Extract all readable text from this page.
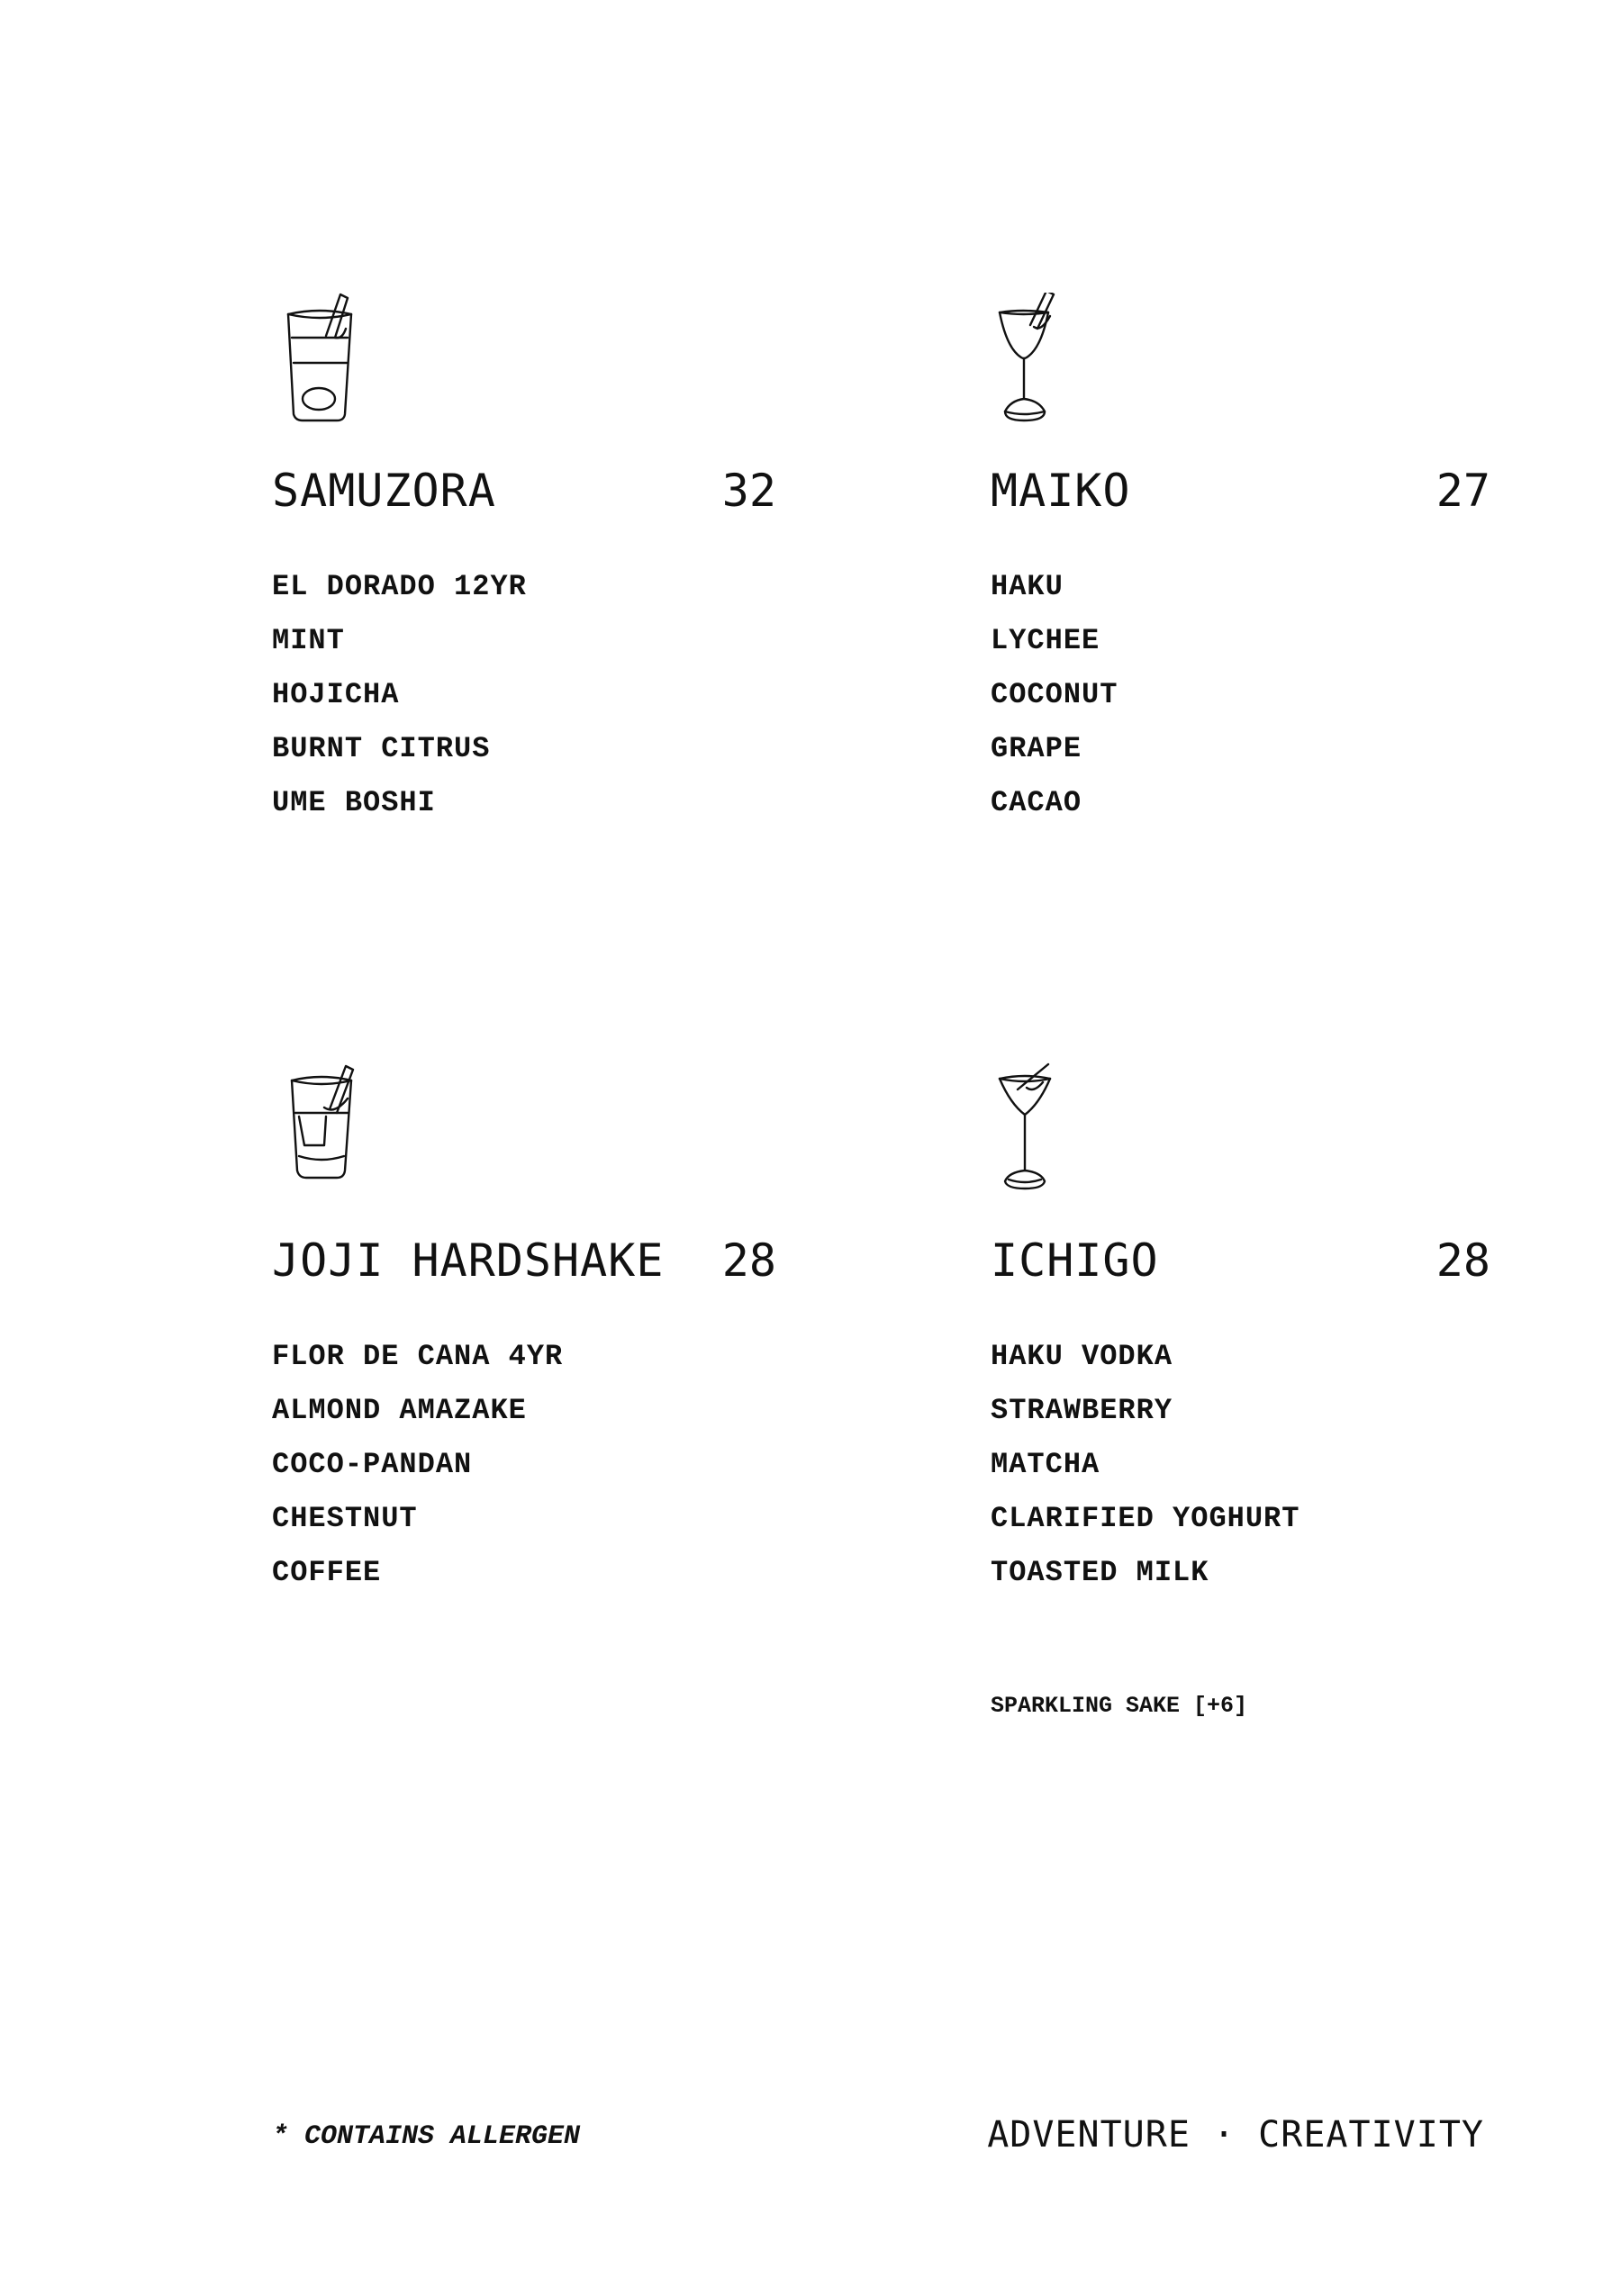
SAMUZORA	32
EL DORADO 12YR
MINT
HOJICHA
BURNT CITRUS
UME BOSHI
MAIKO	27
HAKU
LYCHEE
COCONUT
GRAPE
CACAO
JOJI HARDSHAKE 28
FLOR DE CANA 4YR
ALMOND AMAZAKE
COCO-PANDAN
CHESTNUT
COFFEE
ICHIGO	28
HAKU VODKA
STRAWBERRY
MATCHA
CLARIFIED YOGHURT
TOASTED MILK
SPARKLING SAKE [+6]
* CONTAINS ALLERGEN	ADVENTURE · CREATIVITY
